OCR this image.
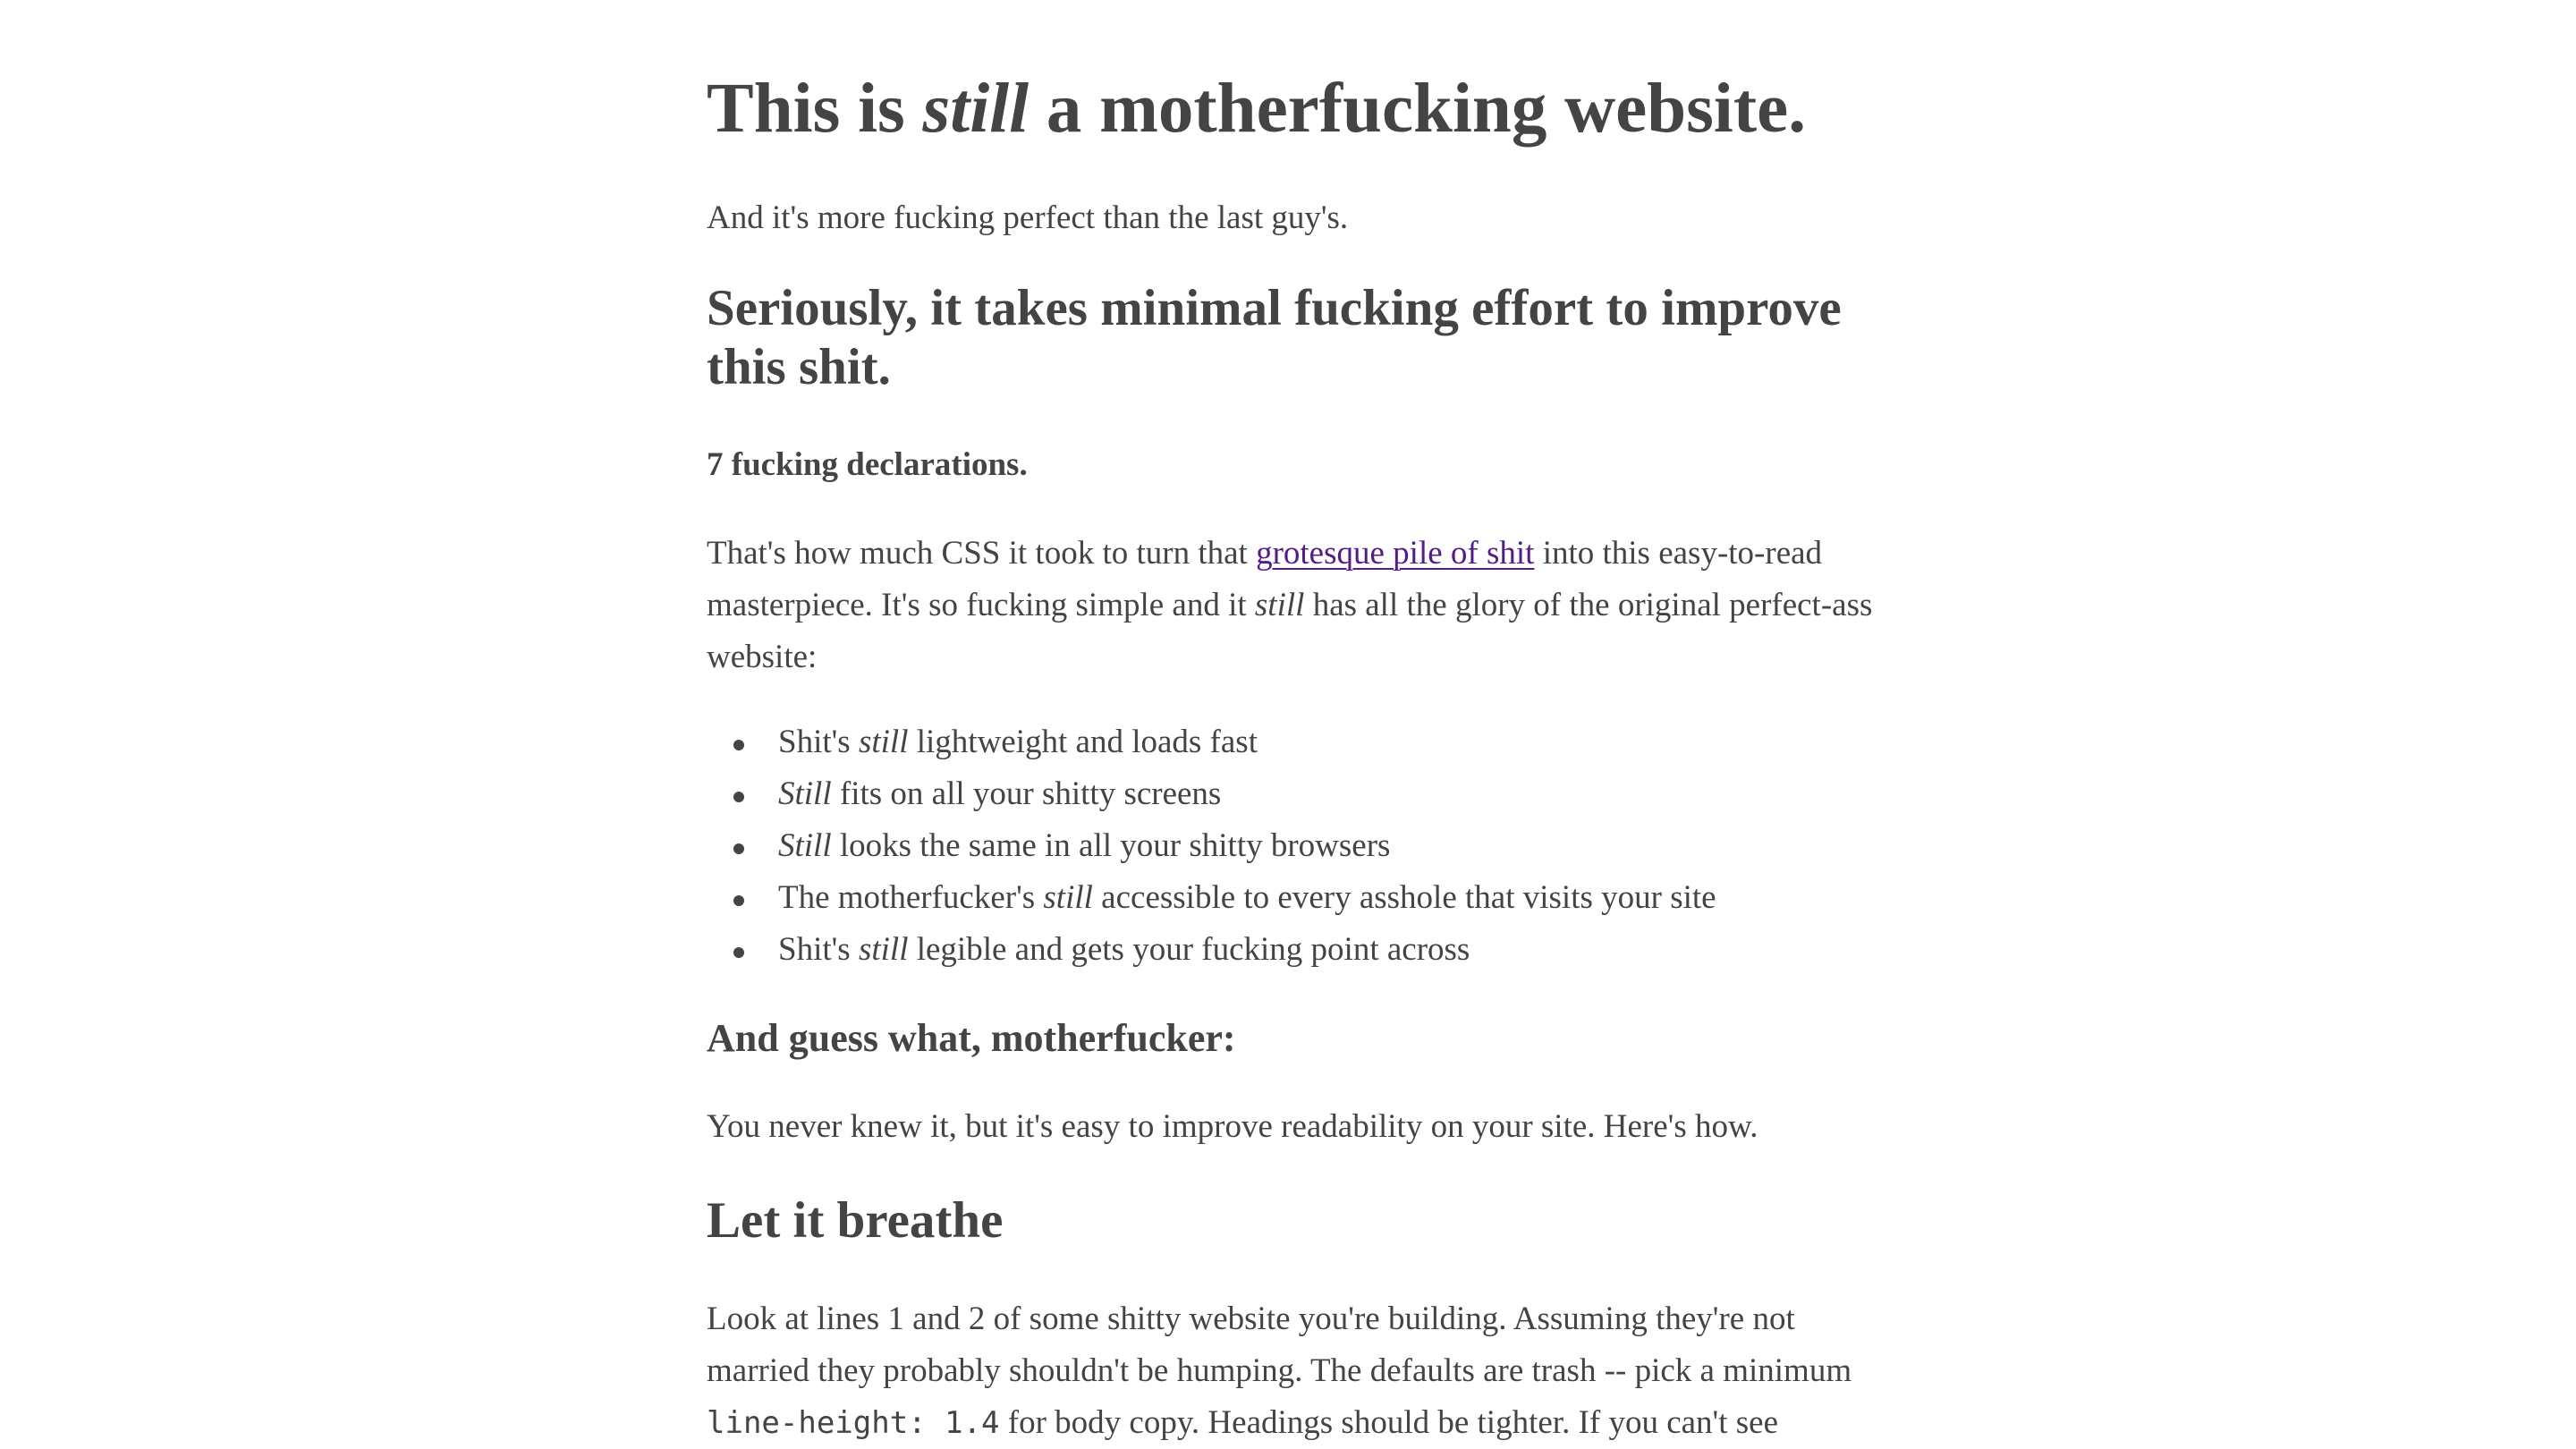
This is still a motherfucking website.

And it's more fucking perfect than the last guy's.

Seriously, it takes minimal fucking effort to improve this shit.
7 fucking declarations.

That's how much CSS it took to turn that grotesque pile of shit into this easy-to-read masterpiece. It's so fucking simple and it still has all the glory of the original perfect-ass website:

Shit's still lightweight and loads fast
Still fits on all your shitty screens
Still looks the same in all your shitty browsers
The motherfucker's still accessible to every asshole that visits your site
Shit's still legible and gets your fucking point across
And guess what, motherfucker:

You never knew it, but it's easy to improve readability on your site. Here's how.

Let it breathe

Look at lines 1 and 2 of some shitty website you're building. Assuming they're not married they probably shouldn't be humping. The defaults are trash -- pick a minimum line-height: 1.4 for body copy. Headings should be tighter. If you can't see
